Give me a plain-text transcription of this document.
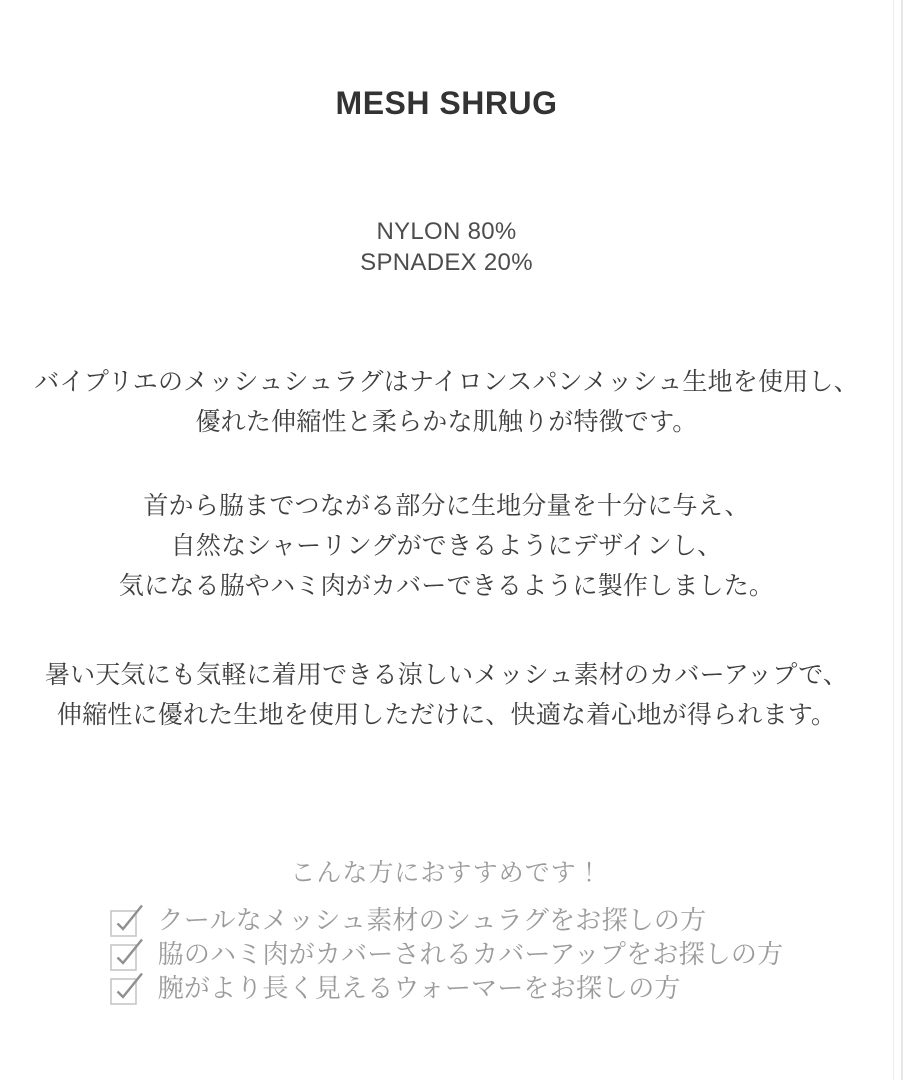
MESH SHRUG
NYLON 80%
SPNADEX 20%
バイプリエのメッシュシュラグはナイロンスパンメッシュ生地を使用し、
優れた伸縮性と柔らかな肌触りが特徴です。
首から脇までつながる部分に生地分量を十分に与え、
自然なシャーリングができるようにデザインし、
気になる脇やハミ肉がカバーできるように製作しました。
暑い天気にも気軽に着用できる涼しいメッシュ素材のカバーアップで、
伸縮性に優れた生地を使用しただけに、快適な着心地が得られます。
こんな方におすすめです！
クールなメッシュ素材のシュラグをお探しの方
脇のハミ肉がカバーされるカバーアップをお探しの方
腕がより長く見えるウォーマーをお探しの方
